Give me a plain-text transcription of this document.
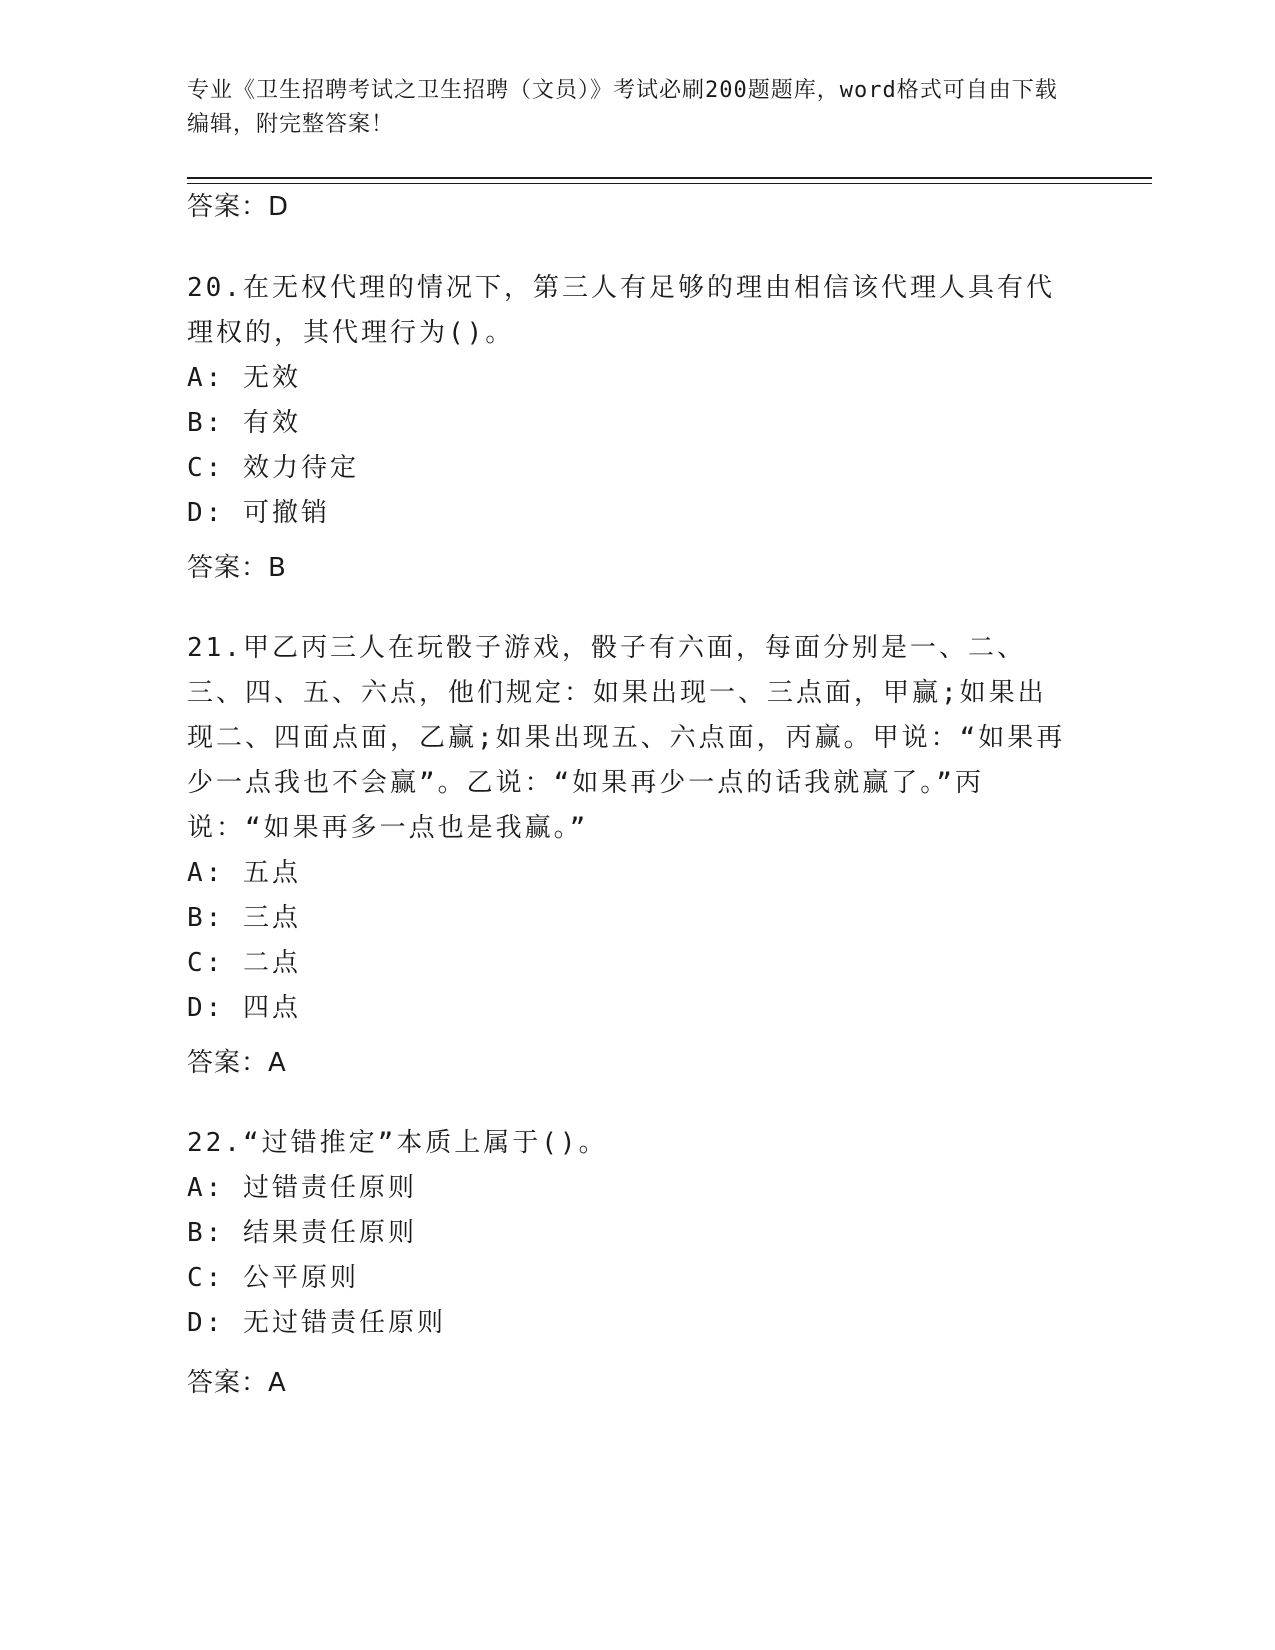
专业《卫生招聘考试之卫生招聘（文员）》考试必刷200题题库，word格式可自由下载编辑，附完整答案！
答案：D
20.在无权代理的情况下，第三人有足够的理由相信该代理人具有代理权的，其代理行为()。
A: 无效
B: 有效
C: 效力待定
D: 可撤销
答案：B
21.甲乙丙三人在玩骰子游戏，骰子有六面，每面分别是一、二、三、四、五、六点，他们规定：如果出现一、三点面，甲赢;如果出现二、四面点面，乙赢;如果出现五、六点面，丙赢。甲说：“如果再少一点我也不会赢”。乙说：“如果再少一点的话我就赢了。”丙说：“如果再多一点也是我赢。”
A: 五点
B: 三点
C: 二点
D: 四点
答案：A
22.“过错推定”本质上属于()。
A: 过错责任原则
B: 结果责任原则
C: 公平原则
D: 无过错责任原则
答案：A
